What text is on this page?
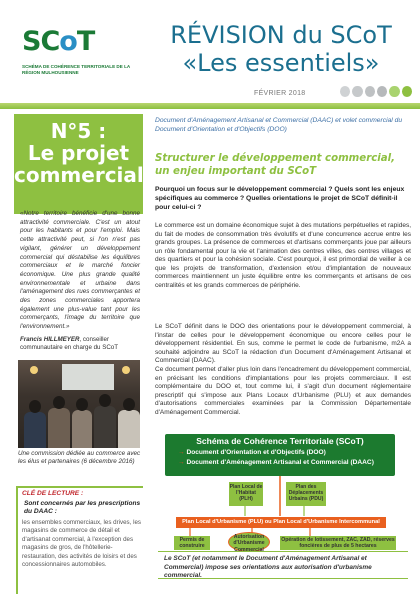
SCoT
SCHÉMA DE COHÉRENCE TERRITORIALE DE LA RÉGION MULHOUSIENNE
RÉVISION du SCoT
«Les essentiels»
FÉVRIER 2018
N°5 :
Le projet
commercial
«Notre territoire bénéficie d'une bonne attractivité commerciale. C'est un atout pour les habitants et pour l'emploi. Mais cette attractivité peut, si l'on n'est pas vigilant, générer un développement commercial qui déstabilise les équilibres commerciaux et le marché foncier économique. Une plus grande qualité environnementale et urbaine dans l'aménagement des rues commerçantes et des zones commerciales apportera également une plus-value tant pour les commerçants, l'image du territoire que l'environnement.»
Francis HILLMEYER, conseiller communautaire en charge du SCoT
Une commission dédiée au commerce avec les élus et partenaires (6 décembre 2016)
CLÉ DE LECTURE :
Sont concernés par les prescriptions du DAAC :
les ensembles commerciaux, les drives, les magasins de commerce de détail et d'artisanat commercial, à l'exception des magasins de gros, de l'hôtellerie-restauration, des activités de loisirs et des concessionnaires automobiles.
Document d'Aménagement Artisanal et Commercial (DAAC) et volet commercial du Document d'Orientation et d'Objectifs (DOO)
Structurer le développement commercial, un enjeu important du SCoT
Pourquoi un focus sur le développement commercial ? Quels sont les enjeux spécifiques au commerce ? Quelles orientations le projet de SCoT définit-il pour celui-ci ?
Le commerce est un domaine économique sujet à des mutations perpétuelles et rapides, du fait de modes de consommation très évolutifs et d'une concurrence accrue entre les grands groupes. La présence de commerces et d'artisans commerçants joue par ailleurs un rôle fondamental pour la vie et l'animation des centres villes, des centres villages et des quartiers et pour la cohésion sociale. C'est pourquoi, il est primordial de veiller à ce que les projets de transformation, d'extension et/ou d'implantation de nouveaux commerces maintiennent un juste équilibre entre les commerçants et artisans de ces centralités et les grands commerces de périphérie.
Le SCoT définit dans le DOO des orientations pour le développement commercial, à l'instar de celles pour le développement économique ou encore celles pour le développement résidentiel. En sus, comme le permet le code de l'urbanisme, m2A a souhaité adjoindre au SCoT la rédaction d'un Document d'Aménagement Artisanal et Commercial (DAAC).
Ce document permet d'aller plus loin dans l'encadrement du développement commercial, en précisant les conditions d'implantations pour les projets commerciaux. Il est complémentaire du DOO et, tout comme lui, il s'agit d'un document réglementaire prescriptif qui s'impose aux Plans Locaux d'Urbanisme (PLU) et aux demandes d'autorisations commerciales examinées par la Commission Départementale d'Aménagement Commercial.
Schéma de Cohérence Territoriale (SCoT)
→ Document d'Orientation et d'Objectifs (DOO)
→ Document d'Aménagement Artisanal et Commercial (DAAC)
Plan Local de l'Habitat (PLH)
Plan des Déplacements Urbains (PDU)
Plan Local d'Urbanisme (PLU) ou Plan Local d'Urbanisme Intercommunal (PLUI)
Permis de construire
Autorisation d'Urbanisme Commercial
Opération de lotissement, ZAC, ZAD, réserves foncières de plus de 5 hectares
Le SCoT (et notamment le Document d'Aménagement Artisanal et Commercial) impose ses orientations aux autorisation d'urbanisme commercial.
